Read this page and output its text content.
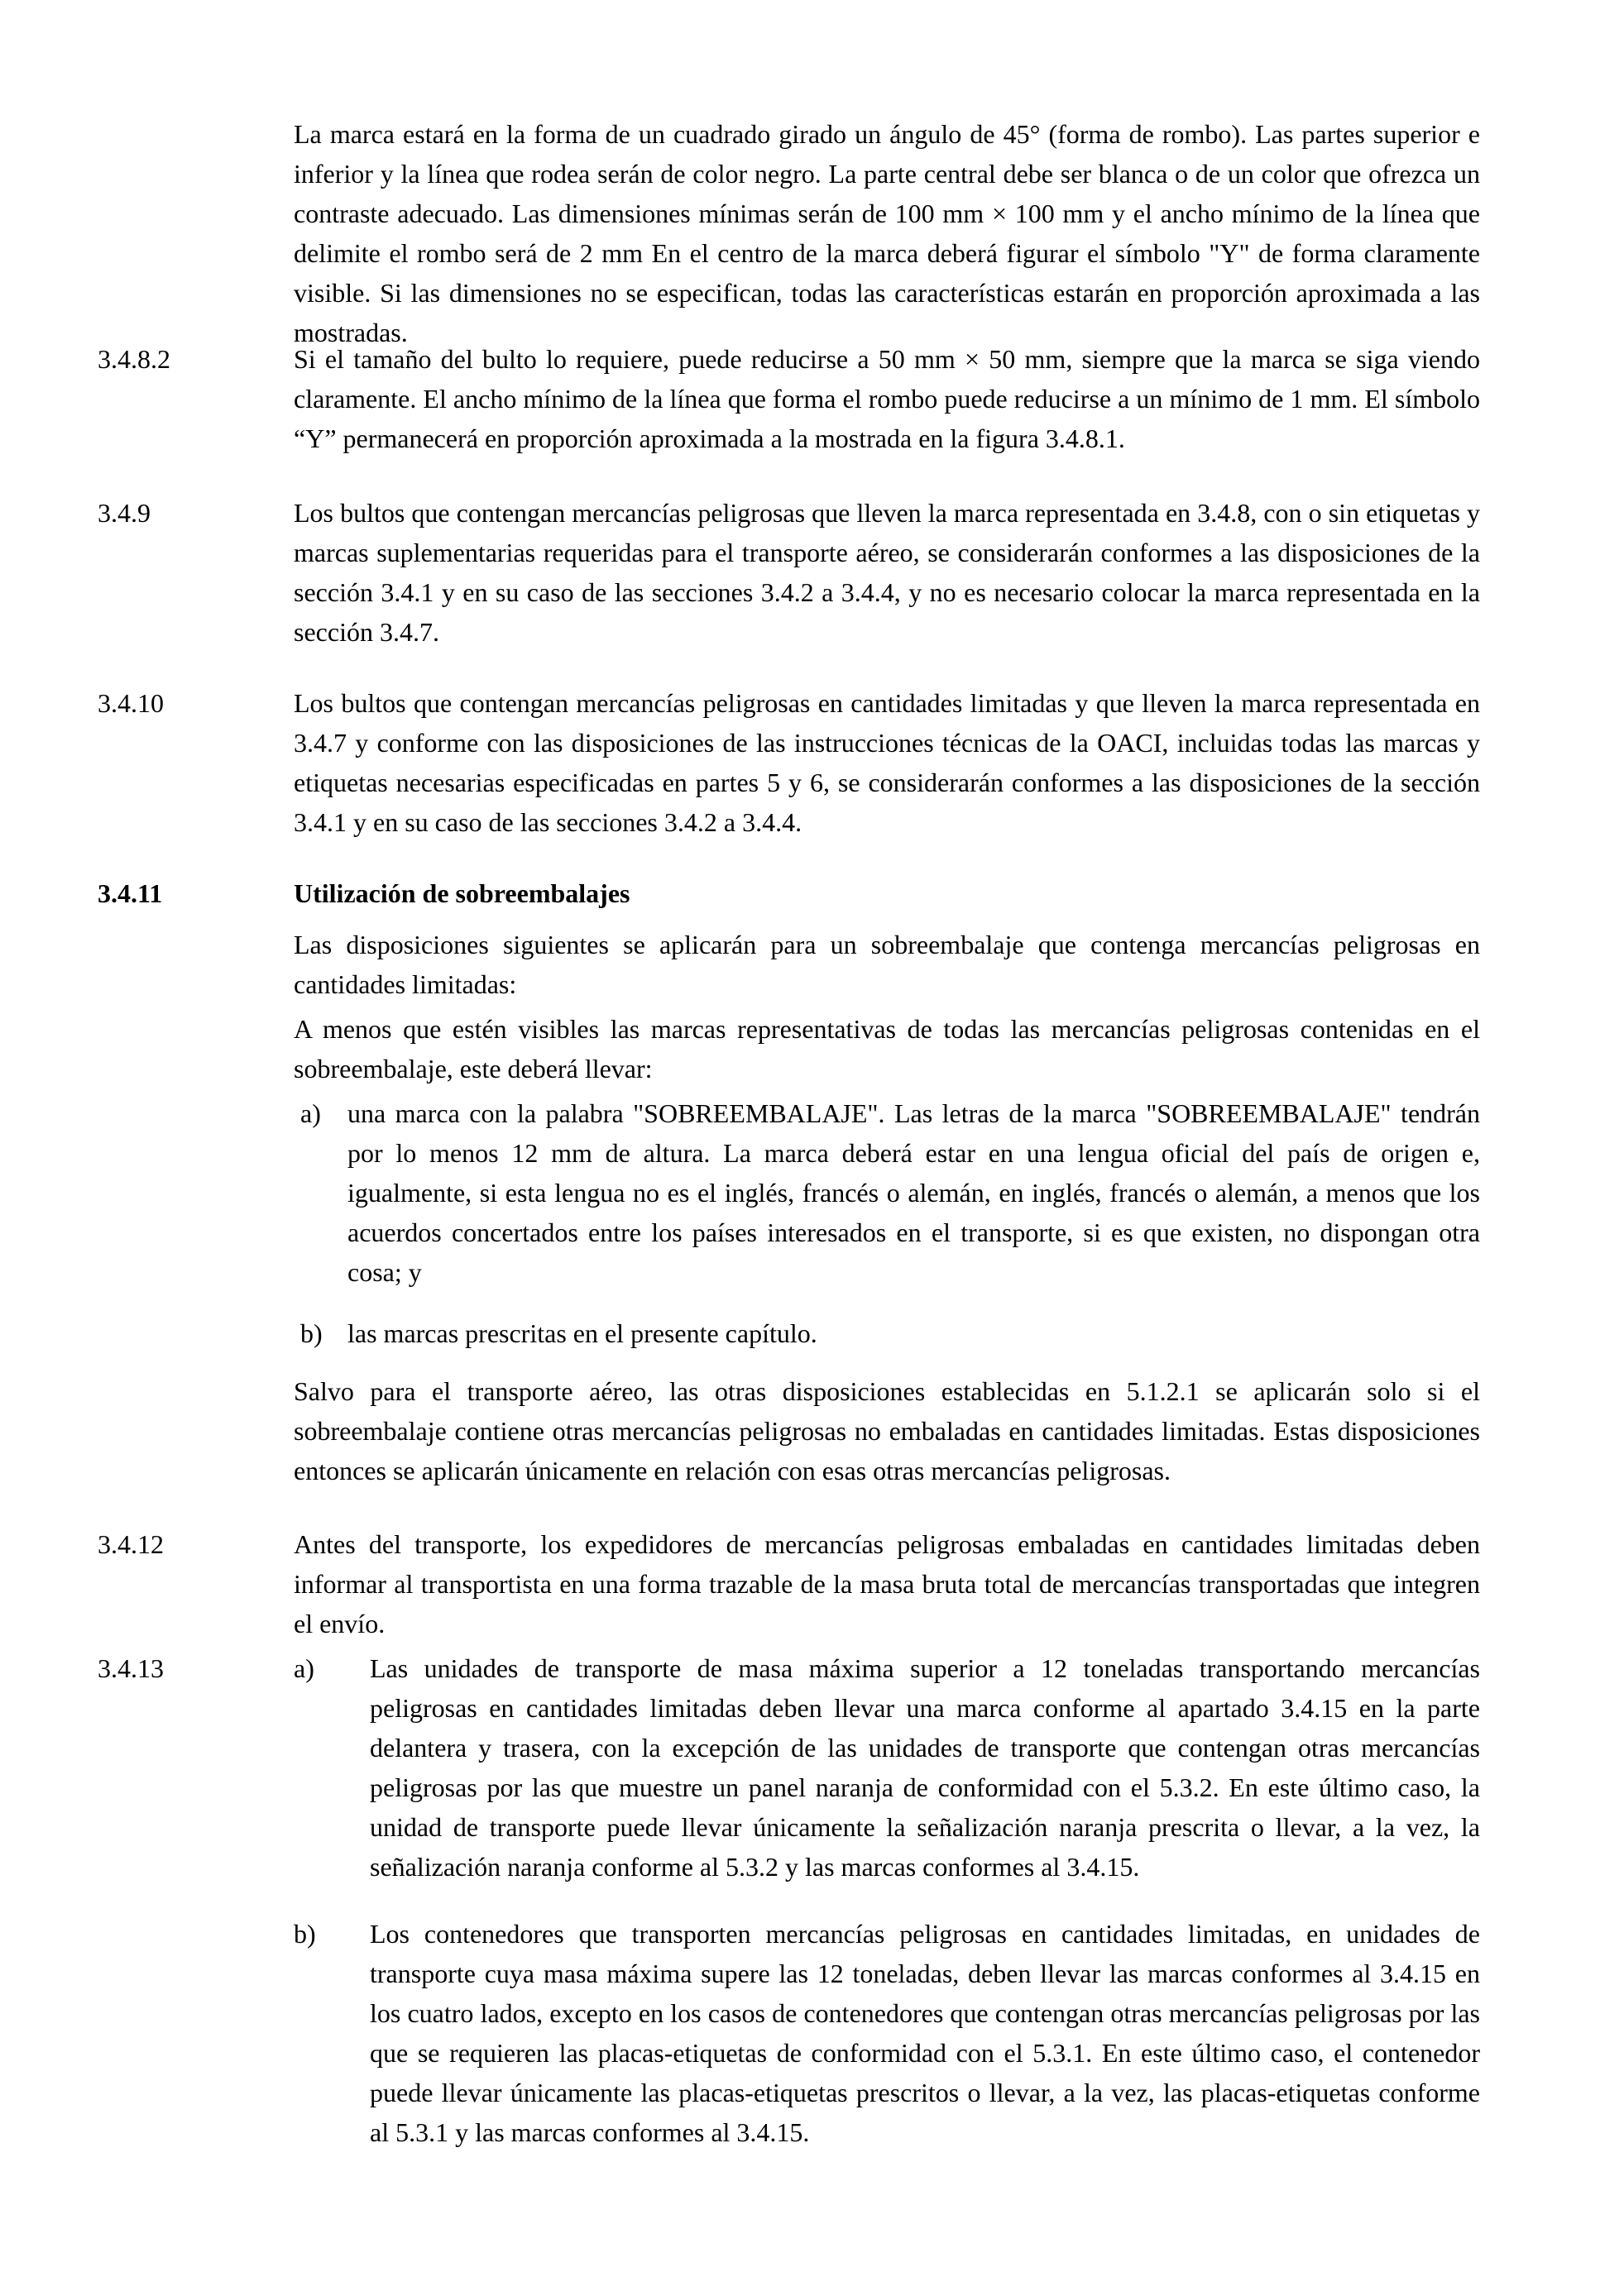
La marca estará en la forma de un cuadrado girado un ángulo de 45° (forma de rombo). Las partes superior e inferior y la línea que rodea serán de color negro. La parte central debe ser blanca o de un color que ofrezca un contraste adecuado. Las dimensiones mínimas serán de 100 mm × 100 mm y el ancho mínimo de la línea que delimite el rombo será de 2 mm En el centro de la marca deberá figurar el símbolo "Y" de forma claramente visible. Si las dimensiones no se especifican, todas las características estarán en proporción aproximada a las mostradas.

3.4.8.2	Si el tamaño del bulto lo requiere, puede reducirse a 50 mm × 50 mm, siempre que la marca se siga viendo claramente. El ancho mínimo de la línea que forma el rombo puede reducirse a un mínimo de 1 mm. El símbolo “Y” permanecerá en proporción aproximada a la mostrada en la figura 3.4.8.1.

3.4.9	Los bultos que contengan mercancías peligrosas que lleven la marca representada en 3.4.8, con o sin etiquetas y marcas suplementarias requeridas para el transporte aéreo, se considerarán conformes a las disposiciones de la sección 3.4.1 y en su caso de las secciones 3.4.2 a 3.4.4, y no es necesario colocar la marca representada en la sección 3.4.7.

3.4.10	Los bultos que contengan mercancías peligrosas en cantidades limitadas y que lleven la marca representada en 3.4.7 y conforme con las disposiciones de las instrucciones técnicas de la OACI, incluidas todas las marcas y etiquetas necesarias especificadas en partes 5 y 6, se considerarán conformes a las disposiciones de la sección 3.4.1 y en su caso de las secciones 3.4.2 a 3.4.4.

3.4.11	Utilización de sobreembalajes

Las disposiciones siguientes se aplicarán para un sobreembalaje que contenga mercancías peligrosas en cantidades limitadas:

A menos que estén visibles las marcas representativas de todas las mercancías peligrosas contenidas en el sobreembalaje, este deberá llevar:

a) una marca con la palabra "SOBREEMBALAJE". Las letras de la marca "SOBREEMBALAJE" tendrán por lo menos 12 mm de altura. La marca deberá estar en una lengua oficial del país de origen e, igualmente, si esta lengua no es el inglés, francés o alemán, en inglés, francés o alemán, a menos que los acuerdos concertados entre los países interesados en el transporte, si es que existen, no dispongan otra cosa; y
b) las marcas prescritas en el presente capítulo.

Salvo para el transporte aéreo, las otras disposiciones establecidas en 5.1.2.1 se aplicarán solo si el sobreembalaje contiene otras mercancías peligrosas no embaladas en cantidades limitadas. Estas disposiciones entonces se aplicarán únicamente en relación con esas otras mercancías peligrosas.

3.4.12	Antes del transporte, los expedidores de mercancías peligrosas embaladas en cantidades limitadas deben informar al transportista en una forma trazable de la masa bruta total de mercancías transportadas que integren el envío.

3.4.13	a) Las unidades de transporte de masa máxima superior a 12 toneladas transportando mercancías peligrosas en cantidades limitadas deben llevar una marca conforme al apartado 3.4.15 en la parte delantera y trasera, con la excepción de las unidades de transporte que contengan otras mercancías peligrosas por las que muestre un panel naranja de conformidad con el 5.3.2. En este último caso, la unidad de transporte puede llevar únicamente la señalización naranja prescrita o llevar, a la vez, la señalización naranja conforme al 5.3.2 y las marcas conformes al 3.4.15.
b) Los contenedores que transporten mercancías peligrosas en cantidades limitadas, en unidades de transporte cuya masa máxima supere las 12 toneladas, deben llevar las marcas conformes al 3.4.15 en los cuatro lados, excepto en los casos de contenedores que contengan otras mercancías peligrosas por las que se requieren las placas-etiquetas de conformidad con el 5.3.1. En este último caso, el contenedor puede llevar únicamente las placas-etiquetas prescritos o llevar, a la vez, las placas-etiquetas conforme al 5.3.1 y las marcas conformes al 3.4.15.
